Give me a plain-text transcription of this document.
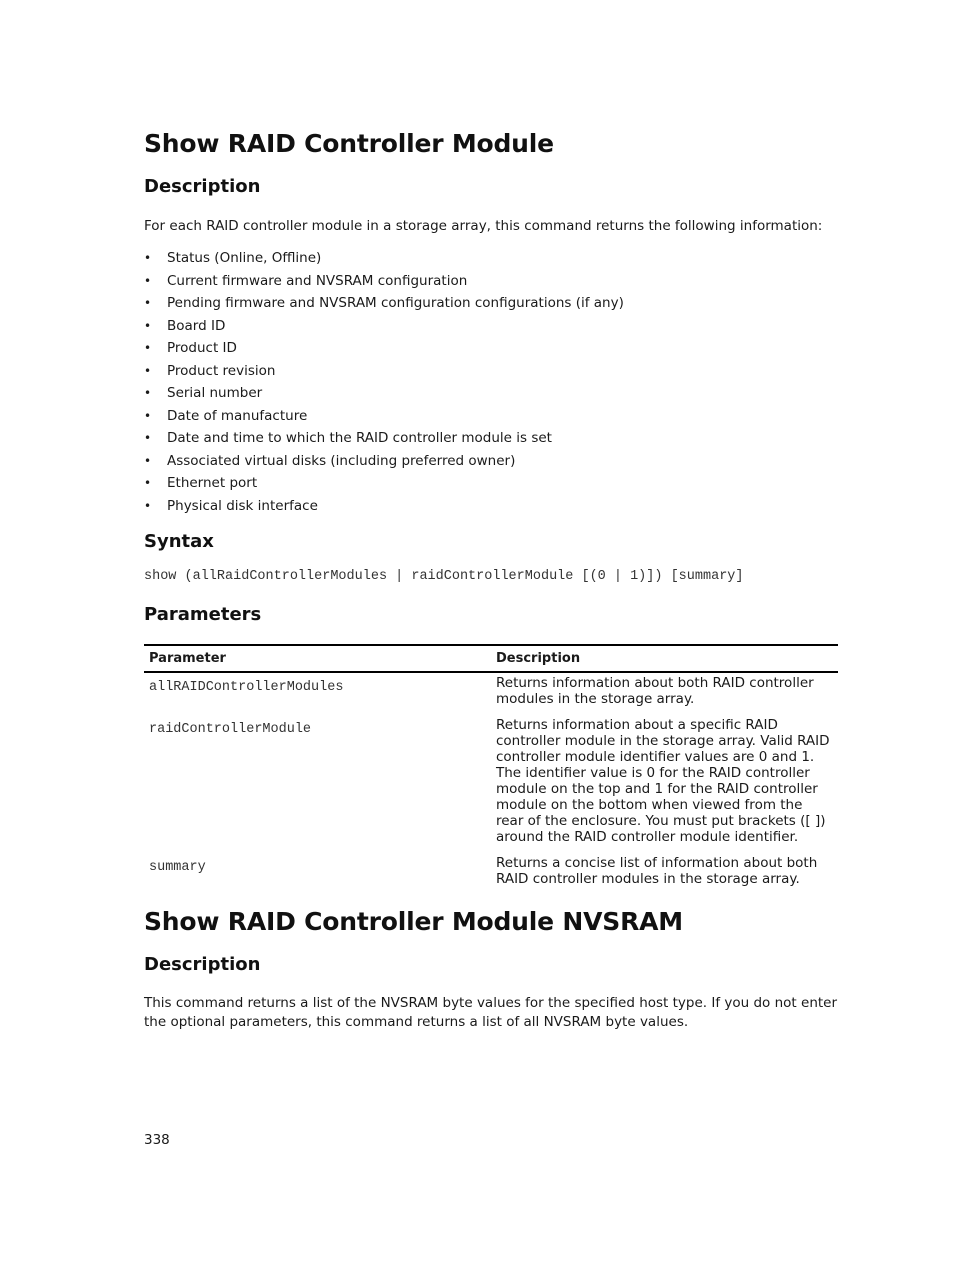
Show RAID Controller Module
Description

For each RAID controller module in a storage array, this command returns the following information:

• Status (Online, Offline)
• Current firmware and NVSRAM configuration
• Pending firmware and NVSRAM configuration configurations (if any)
• Board ID
• Product ID
• Product revision
• Serial number
• Date of manufacture
• Date and time to which the RAID controller module is set
• Associated virtual disks (including preferred owner)
• Ethernet port
• Physical disk interface
Syntax
show (allRaidControllerModules | raidControllerModule [(0 | 1)]) [summary]
Parameters
Parameter	Description
allRAIDControllerModules	Returns information about both RAID controller modules in the storage array.
raidControllerModule	Returns information about a specific RAID controller module in the storage array. Valid RAID controller module identifier values are 0 and 1. The identifier value is 0 for the RAID controller module on the top and 1 for the RAID controller module on the bottom when viewed from the rear of the enclosure. You must put brackets ([ ]) around the RAID controller module identifier.
summary	Returns a concise list of information about both RAID controller modules in the storage array.
Show RAID Controller Module NVSRAM
Description

This command returns a list of the NVSRAM byte values for the specified host type. If you do not enter the optional parameters, this command returns a list of all NVSRAM byte values.

338
